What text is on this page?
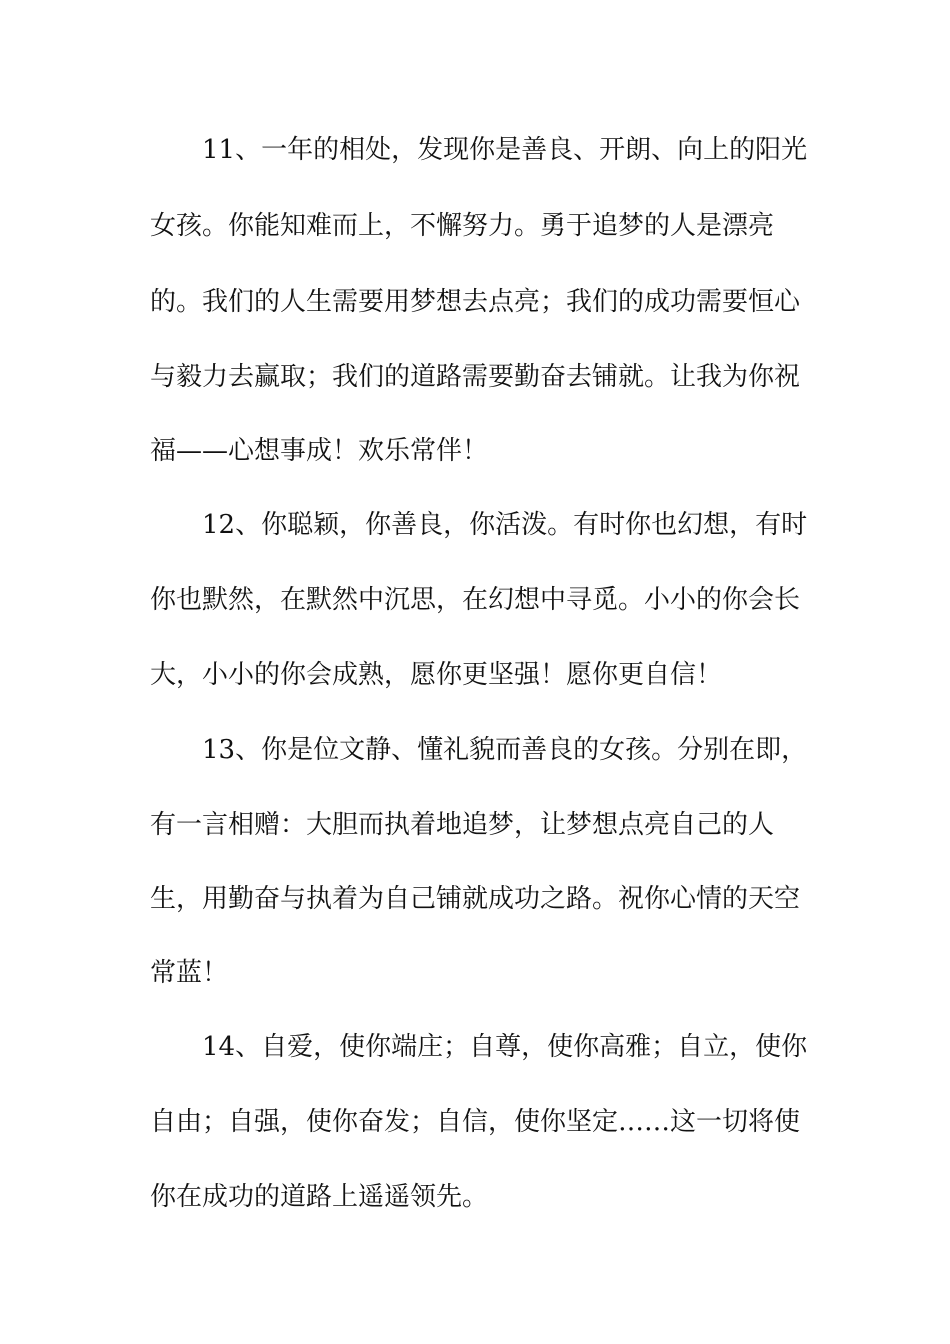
11、一年的相处，发现你是善良、开朗、向上的阳光

女孩。你能知难而上，不懈努力。勇于追梦的人是漂亮

的。我们的人生需要用梦想去点亮；我们的成功需要恒心

与毅力去赢取；我们的道路需要勤奋去铺就。让我为你祝

福——心想事成！欢乐常伴！

12、你聪颖，你善良，你活泼。有时你也幻想，有时

你也默然，在默然中沉思，在幻想中寻觅。小小的你会长

大，小小的你会成熟，愿你更坚强！愿你更自信！

13、你是位文静、懂礼貌而善良的女孩。分别在即，

有一言相赠：大胆而执着地追梦，让梦想点亮自己的人

生，用勤奋与执着为自己铺就成功之路。祝你心情的天空

常蓝！

14、自爱，使你端庄；自尊，使你高雅；自立，使你

自由；自强，使你奋发；自信，使你坚定……这一切将使

你在成功的道路上遥遥领先。
